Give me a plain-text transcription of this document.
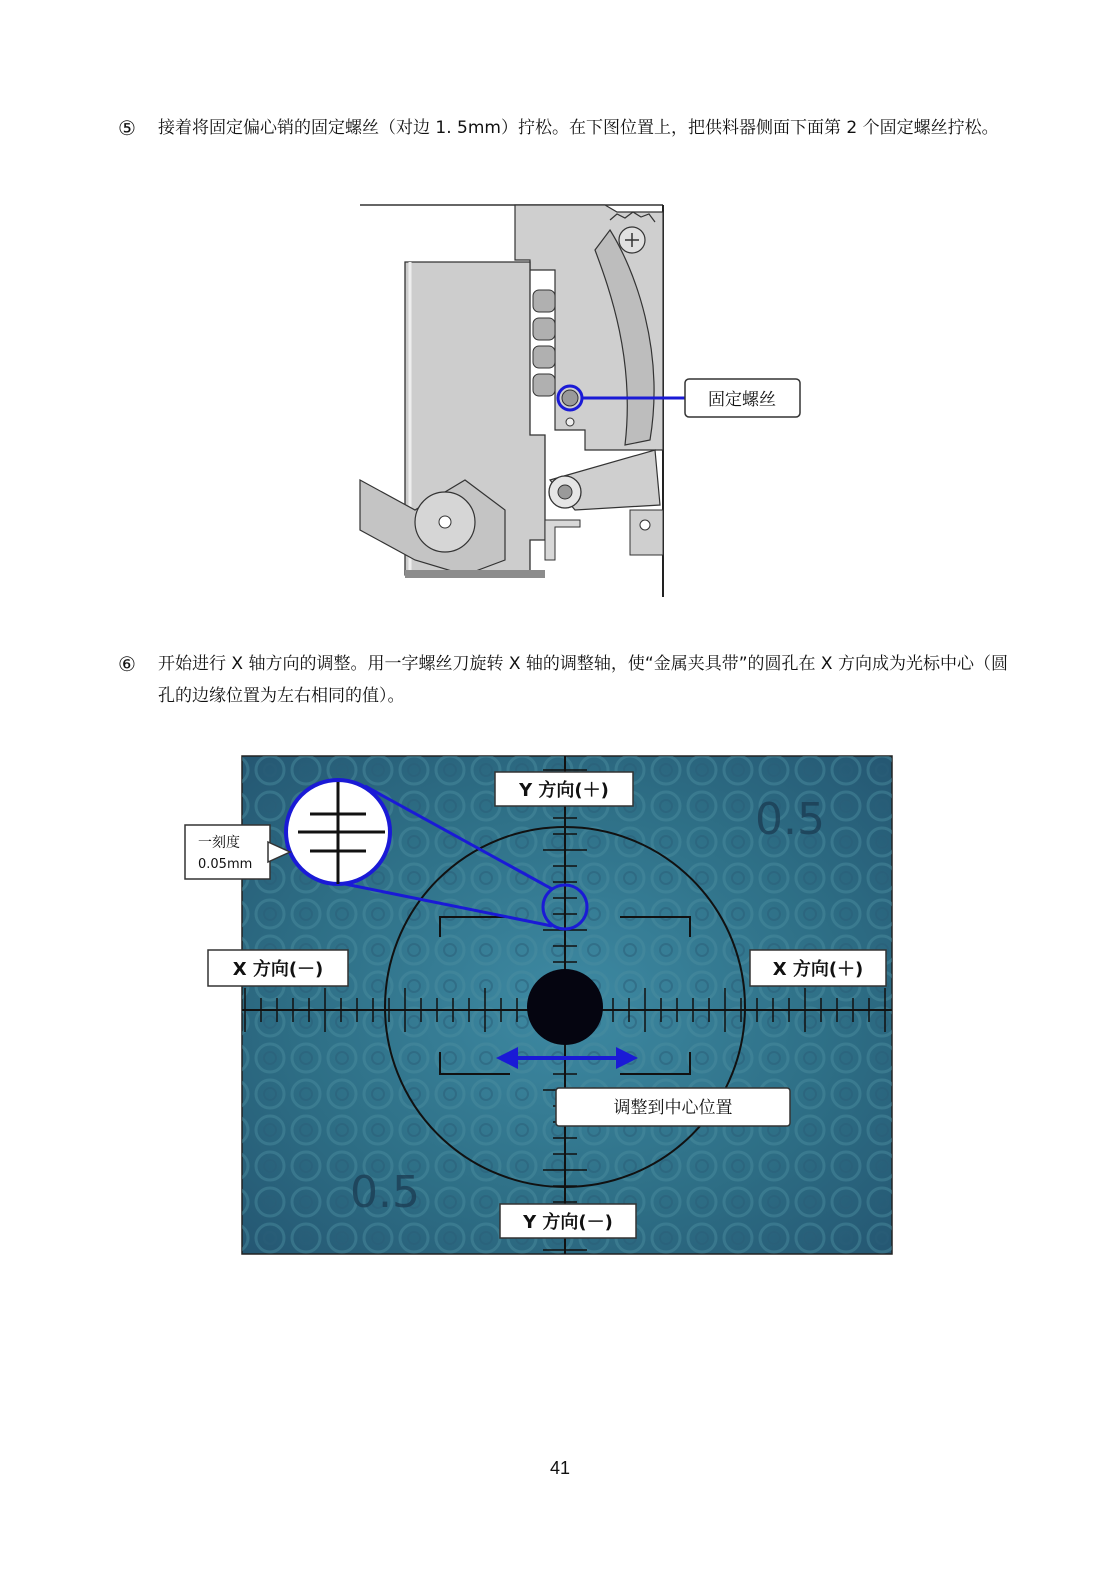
⑤ 接着将固定偏心销的固定螺丝（对边 1. 5mm）拧松。在下图位置上，把供料器侧面下面第 2 个固定螺丝拧松。
固定螺丝
⑥ 开始进行 X 轴方向的调整。用一字螺丝刀旋转 X 轴的调整轴，使“金属夹具带”的圆孔在 X 方向成为光标中心（圆孔的边缘位置为左右相同的值）。
0.5
0.5
一刻度
0.05mm
Y 方向(＋)
X 方向(－)	X 方向(＋)
调整到中心位置
Y 方向(－)
41
